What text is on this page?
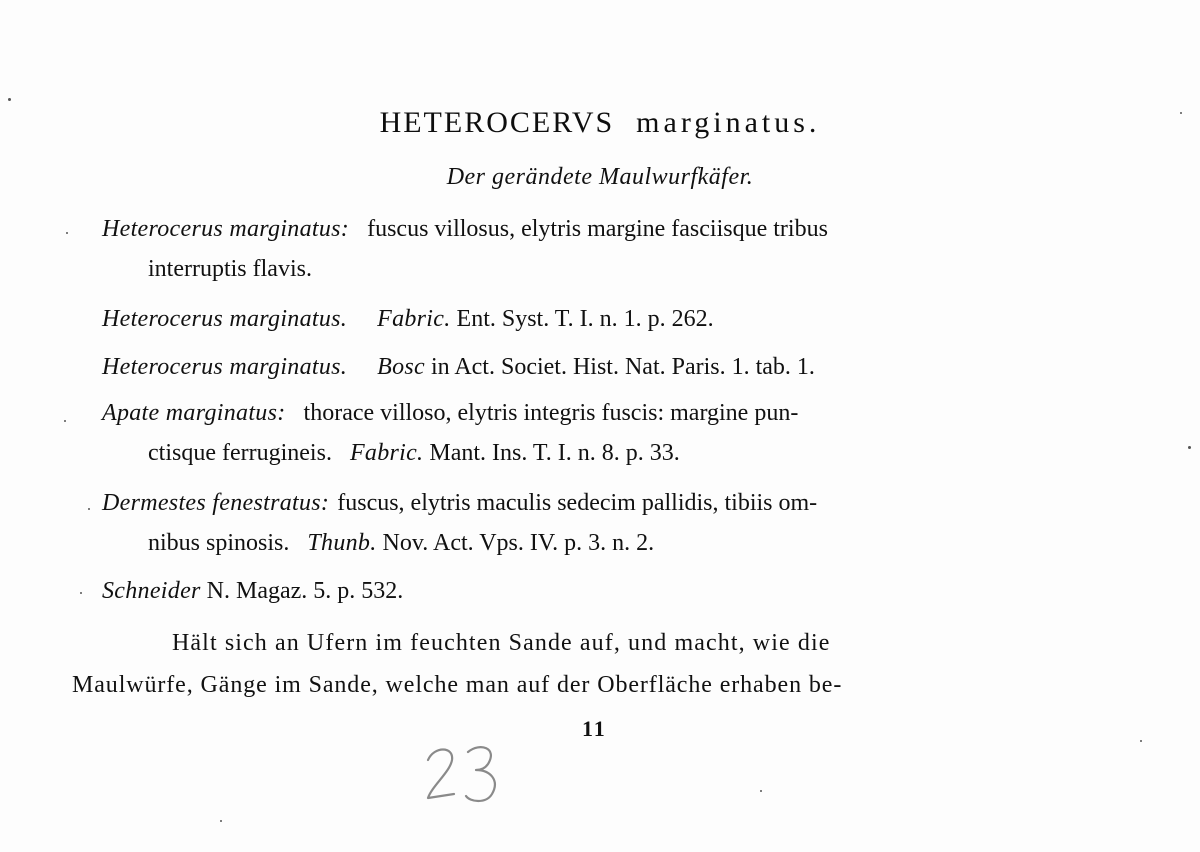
HETEROCERVS marginatus.
Der gerändete Maulwurfkäfer.
Heterocerus marginatus: fuscus villosus, elytris margine fasciisque tribus
interruptis flavis.
Heterocerus marginatus. Fabric. Ent. Syst. T. I. n. 1. p. 262.
Heterocerus marginatus. Bosc in Act. Societ. Hist. Nat. Paris. 1. tab. 1.
Apate marginatus: thorace villoso, elytris integris fuscis: margine pun-
ctisque ferrugineis. Fabric. Mant. Ins. T. I. n. 8. p. 33.
Dermestes fenestratus: fuscus, elytris maculis sedecim pallidis, tibiis om-
nibus spinosis. Thunb. Nov. Act. Vps. IV. p. 3. n. 2.
Schneider N. Magaz. 5. p. 532.
Hält sich an Ufern im feuchten Sande auf, und macht, wie die
Maulwürfe, Gänge im Sande, welche man auf der Oberfläche erhaben be-
11
